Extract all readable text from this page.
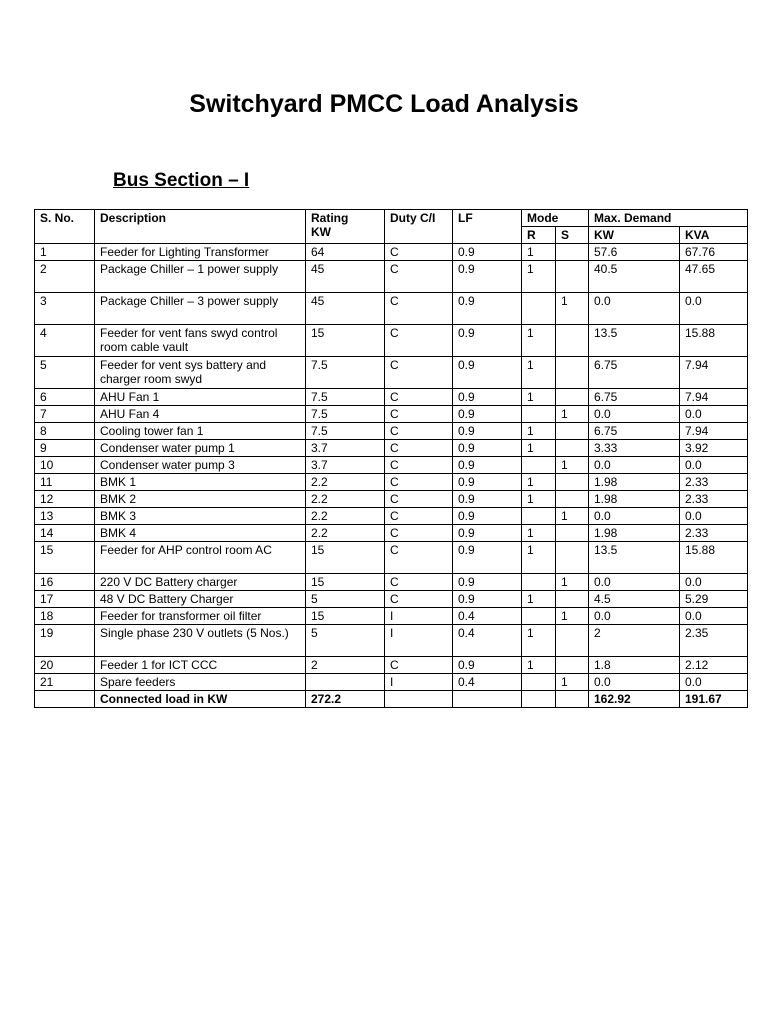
Switchyard PMCC Load Analysis
Bus Section – I
S. No.	Description	Rating
KW	Duty C/I	LF	Mode		Max. Demand	
					R	S	KW	KVA
1	Feeder for Lighting Transformer	64	C	0.9	1		57.6	67.76
2	Package Chiller – 1 power supply	45	C	0.9	1		40.5	47.65
3	Package Chiller – 3 power supply	45	C	0.9		1	0.0	0.0
4	Feeder for vent fans swyd control room cable vault	15	C	0.9	1		13.5	15.88
5	Feeder for vent sys battery and charger room swyd	7.5	C	0.9	1		6.75	7.94
6	AHU Fan 1	7.5	C	0.9	1		6.75	7.94
7	AHU Fan 4	7.5	C	0.9		1	0.0	0.0
8	Cooling tower fan 1	7.5	C	0.9	1		6.75	7.94
9	Condenser water pump 1	3.7	C	0.9	1		3.33	3.92
10	Condenser water pump 3	3.7	C	0.9		1	0.0	0.0
11	BMK 1	2.2	C	0.9	1		1.98	2.33
12	BMK 2	2.2	C	0.9	1		1.98	2.33
13	BMK 3	2.2	C	0.9		1	0.0	0.0
14	BMK 4	2.2	C	0.9	1		1.98	2.33
15	Feeder for AHP control room AC	15	C	0.9	1		13.5	15.88
16	220 V DC Battery charger	15	C	0.9		1	0.0	0.0
17	48 V DC Battery Charger	5	C	0.9	1		4.5	5.29
18	Feeder for transformer oil filter	15	I	0.4		1	0.0	0.0
19	Single phase 230 V outlets (5 Nos.)	5	I	0.4	1		2	2.35
20	Feeder 1 for ICT CCC	2	C	0.9	1		1.8	2.12
21	Spare feeders		I	0.4		1	0.0	0.0
	Connected load in KW	272.2					162.92	191.67
